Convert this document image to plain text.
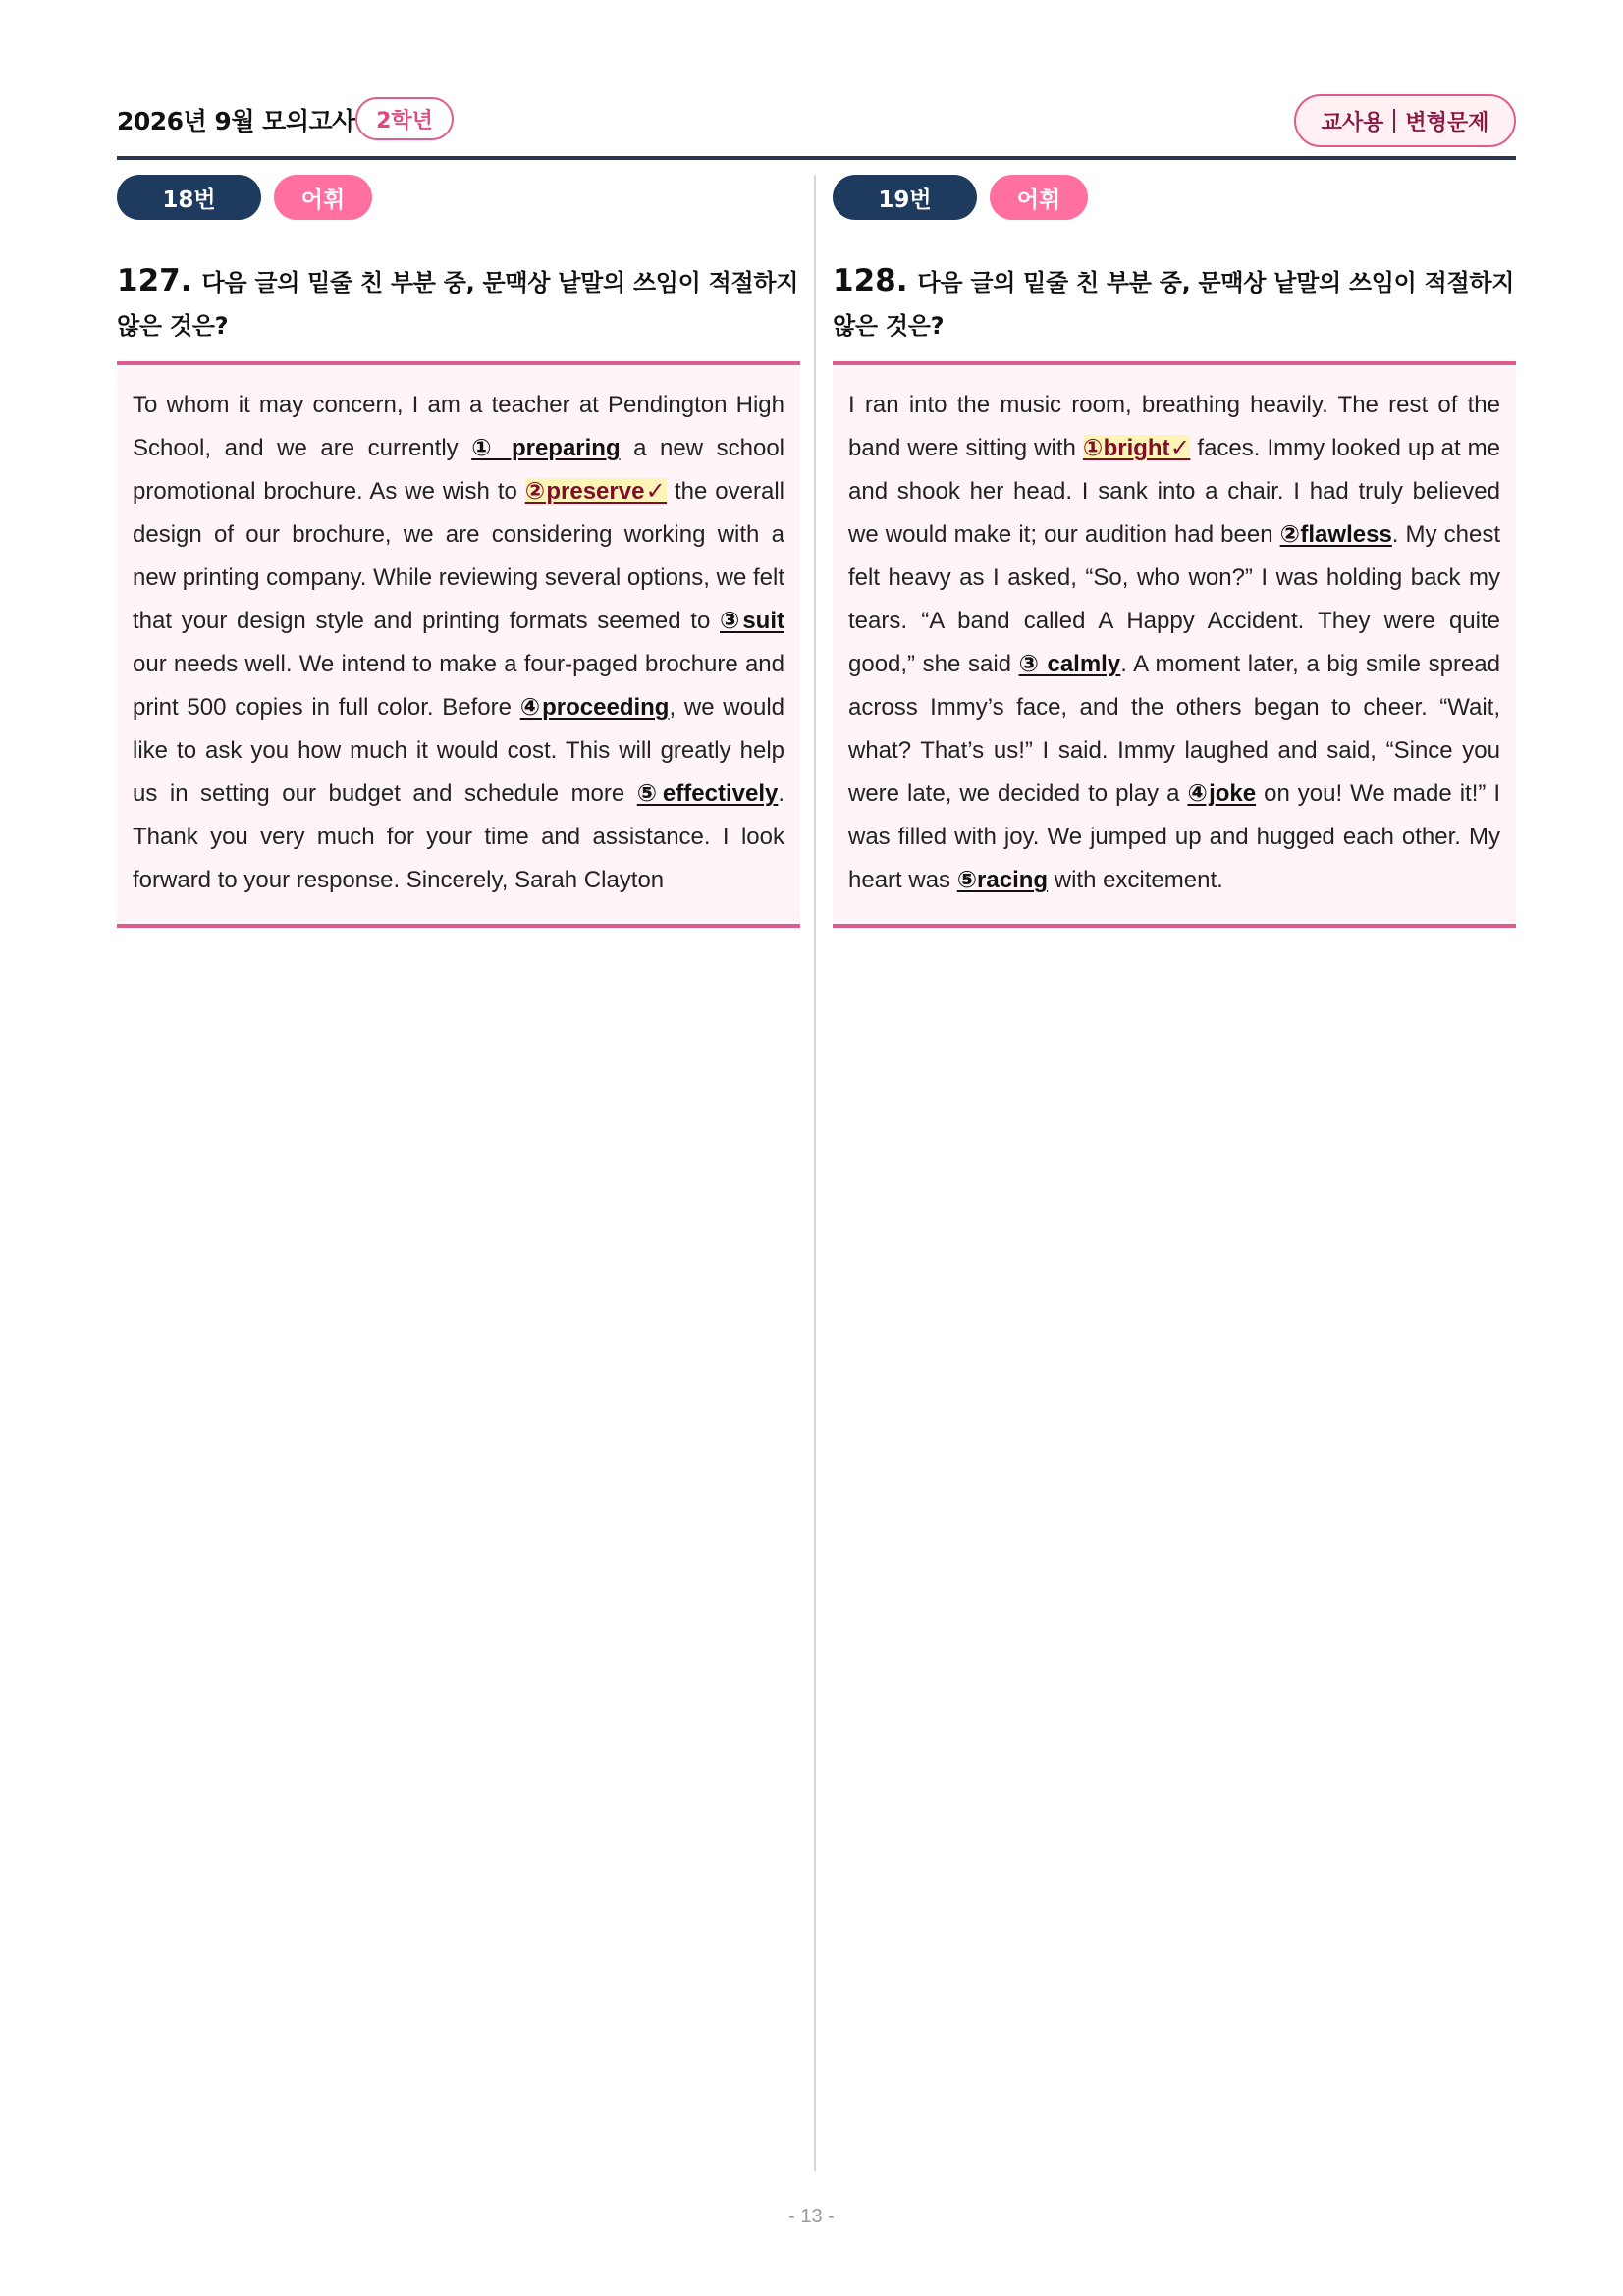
2026년 9월 모의고사 2학년	교사용 변형문제
18번	어휘
127. 다음 글의 밑줄 친 부분 중, 문맥상 낱말의 쓰임이 적절하지 않은 것은?

To whom it may concern, I am a teacher at Pendington High School, and we are currently ① preparing a new school promotional brochure. As we wish to ②preserve✓ the overall design of our brochure, we are considering working with a new printing company. While reviewing several options, we felt that your design style and printing formats seemed to ③suit our needs well. We intend to make a four-paged brochure and print 500 copies in full color. Before ④proceeding, we would like to ask you how much it would cost. This will greatly help us in setting our budget and schedule more ⑤effectively. Thank you very much for your time and assistance. I look forward to your response. Sincerely, Sarah Clayton

19번	어휘
128. 다음 글의 밑줄 친 부분 중, 문맥상 낱말의 쓰임이 적절하지 않은 것은?

I ran into the music room, breathing heavily. The rest of the band were sitting with ①bright✓ faces. Immy looked up at me and shook her head. I sank into a chair. I had truly believed we would make it; our audition had been ②flawless. My chest felt heavy as I asked, “So, who won?” I was holding back my tears. “A band called A Happy Accident. They were quite good,” she said ③ calmly. A moment later, a big smile spread across Immy’s face, and the others began to cheer. “Wait, what? That’s us!” I said. Immy laughed and said, “Since you were late, we decided to play a ④joke on you! We made it!” I was filled with joy. We jumped up and hugged each other. My heart was ⑤racing with excitement.

- 13 -
